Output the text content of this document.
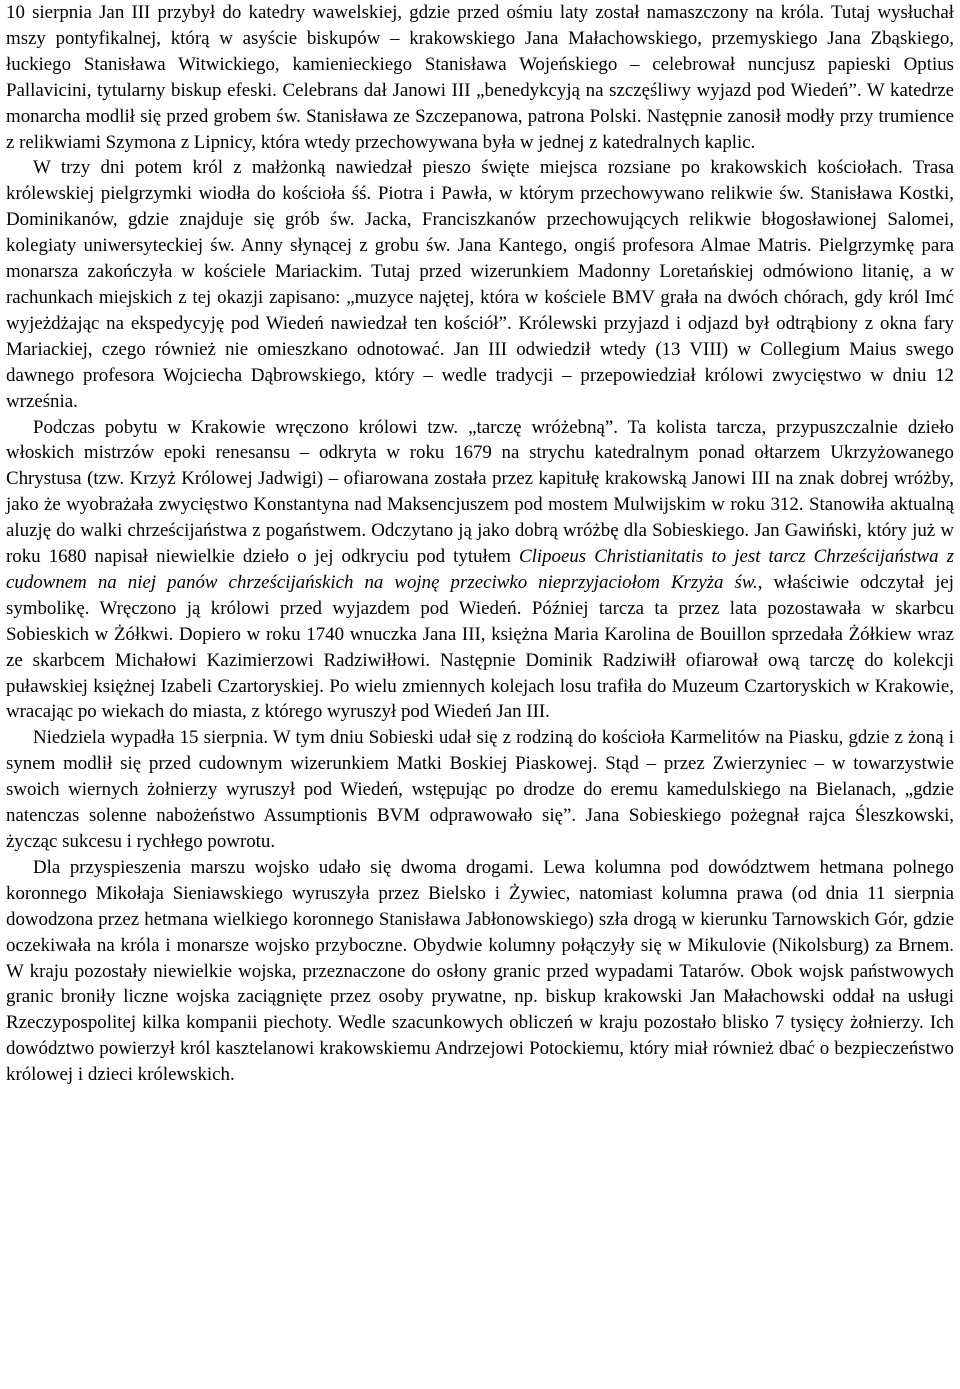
10 sierpnia Jan III przybył do katedry wawelskiej, gdzie przed ośmiu laty został namaszczony na króla. Tutaj wysłuchał mszy pontyfikalnej, którą w asyście biskupów – krakowskiego Jana Małachowskiego, przemyskiego Jana Zbąskiego, łuckiego Stanisława Witwickiego, kamienieckiego Stanisława Wojeńskiego – celebrował nuncjusz papieski Optius Pallavicini, tytularny biskup efeski. Celebrans dał Janowi III „benedykcyją na szczęśliwy wyjazd pod Wiedeń”. W katedrze monarcha modlił się przed grobem św. Stanisława ze Szczepanowa, patrona Polski. Następnie zanosił modły przy trumience z relikwiami Szymona z Lipnicy, która wtedy przechowywana była w jednej z katedralnych kaplic.

W trzy dni potem król z małżonką nawiedzał pieszo święte miejsca rozsiane po krakowskich kościołach. Trasa królewskiej pielgrzymki wiodła do kościoła śś. Piotra i Pawła, w którym przechowywano relikwie św. Stanisława Kostki, Dominikanów, gdzie znajduje się grób św. Jacka, Franciszkanów przechowujących relikwie błogosławionej Salomei, kolegiaty uniwersyteckiej św. Anny słynącej z grobu św. Jana Kantego, ongiś profesora Almae Matris. Pielgrzymkę para monarsza zakończyła w kościele Mariackim. Tutaj przed wizerunkiem Madonny Loretańskiej odmówiono litanię, a w rachunkach miejskich z tej okazji zapisano: „muzyce najętej, która w kościele BMV grała na dwóch chórach, gdy król Imć wyjeżdżając na ekspedycyję pod Wiedeń nawiedzał ten kościół”. Królewski przyjazd i odjazd był odtrąbiony z okna fary Mariackiej, czego również nie omieszkano odnotować. Jan III odwiedził wtedy (13 VIII) w Collegium Maius swego dawnego profesora Wojciecha Dąbrowskiego, który – wedle tradycji – przepowiedział królowi zwycięstwo w dniu 12 września.

Podczas pobytu w Krakowie wręczono królowi tzw. „tarczę wróżebną”. Ta kolista tarcza, przypuszczalnie dzieło włoskich mistrzów epoki renesansu – odkryta w roku 1679 na strychu katedralnym ponad ołtarzem Ukrzyżowanego Chrystusa (tzw. Krzyż Królowej Jadwigi) – ofiarowana została przez kapitułę krakowską Janowi III na znak dobrej wróżby, jako że wyobrażała zwycięstwo Konstantyna nad Maksencjuszem pod mostem Mulwijskim w roku 312. Stanowiła aktualną aluzję do walki chrześcijaństwa z pogaństwem. Odczytano ją jako dobrą wróżbę dla Sobieskiego. Jan Gawiński, który już w roku 1680 napisał niewielkie dzieło o jej odkryciu pod tytułem Clipoeus Christianitatis to jest tarcz Chrześcijaństwa z cudownem na niej panów chrześcijańskich na wojnę przeciwko nieprzyjaciołom Krzyża św., właściwie odczytał jej symbolikę. Wręczono ją królowi przed wyjazdem pod Wiedeń. Później tarcza ta przez lata pozostawała w skarbcu Sobieskich w Żółkwi. Dopiero w roku 1740 wnuczka Jana III, księżna Maria Karolina de Bouillon sprzedała Żółkiew wraz ze skarbcem Michałowi Kazimierzowi Radziwiłłowi. Następnie Dominik Radziwiłł ofiarował ową tarczę do kolekcji puławskiej księżnej Izabeli Czartoryskiej. Po wielu zmiennych kolejach losu trafiła do Muzeum Czartoryskich w Krakowie, wracając po wiekach do miasta, z którego wyruszył pod Wiedeń Jan III.

Niedziela wypadła 15 sierpnia. W tym dniu Sobieski udał się z rodziną do kościoła Karmelitów na Piasku, gdzie z żoną i synem modlił się przed cudownym wizerunkiem Matki Boskiej Piaskowej. Stąd – przez Zwierzyniec – w towarzystwie swoich wiernych żołnierzy wyruszył pod Wiedeń, wstępując po drodze do eremu kamedulskiego na Bielanach, „gdzie natenczas solenne nabożeństwo Assumptionis BVM odprawowało się”. Jana Sobieskiego pożegnał rajca Śleszkowski, życząc sukcesu i rychłego powrotu.

Dla przyspieszenia marszu wojsko udało się dwoma drogami. Lewa kolumna pod dowództwem hetmana polnego koronnego Mikołaja Sieniawskiego wyruszyła przez Bielsko i Żywiec, natomiast kolumna prawa (od dnia 11 sierpnia dowodzona przez hetmana wielkiego koronnego Stanisława Jabłonowskiego) szła drogą w kierunku Tarnowskich Gór, gdzie oczekiwała na króla i monarsze wojsko przyboczne. Obydwie kolumny połączyły się w Mikulovie (Nikolsburg) za Brnem. W kraju pozostały niewielkie wojska, przeznaczone do osłony granic przed wypadami Tatarów. Obok wojsk państwowych granic broniły liczne wojska zaciągnięte przez osoby prywatne, np. biskup krakowski Jan Małachowski oddał na usługi Rzeczypospolitej kilka kompanii piechoty. Wedle szacunkowych obliczeń w kraju pozostało blisko 7 tysięcy żołnierzy. Ich dowództwo powierzył król kasztelanowi krakowskiemu Andrzejowi Potockiemu, który miał również dbać o bezpieczeństwo królowej i dzieci królewskich.
